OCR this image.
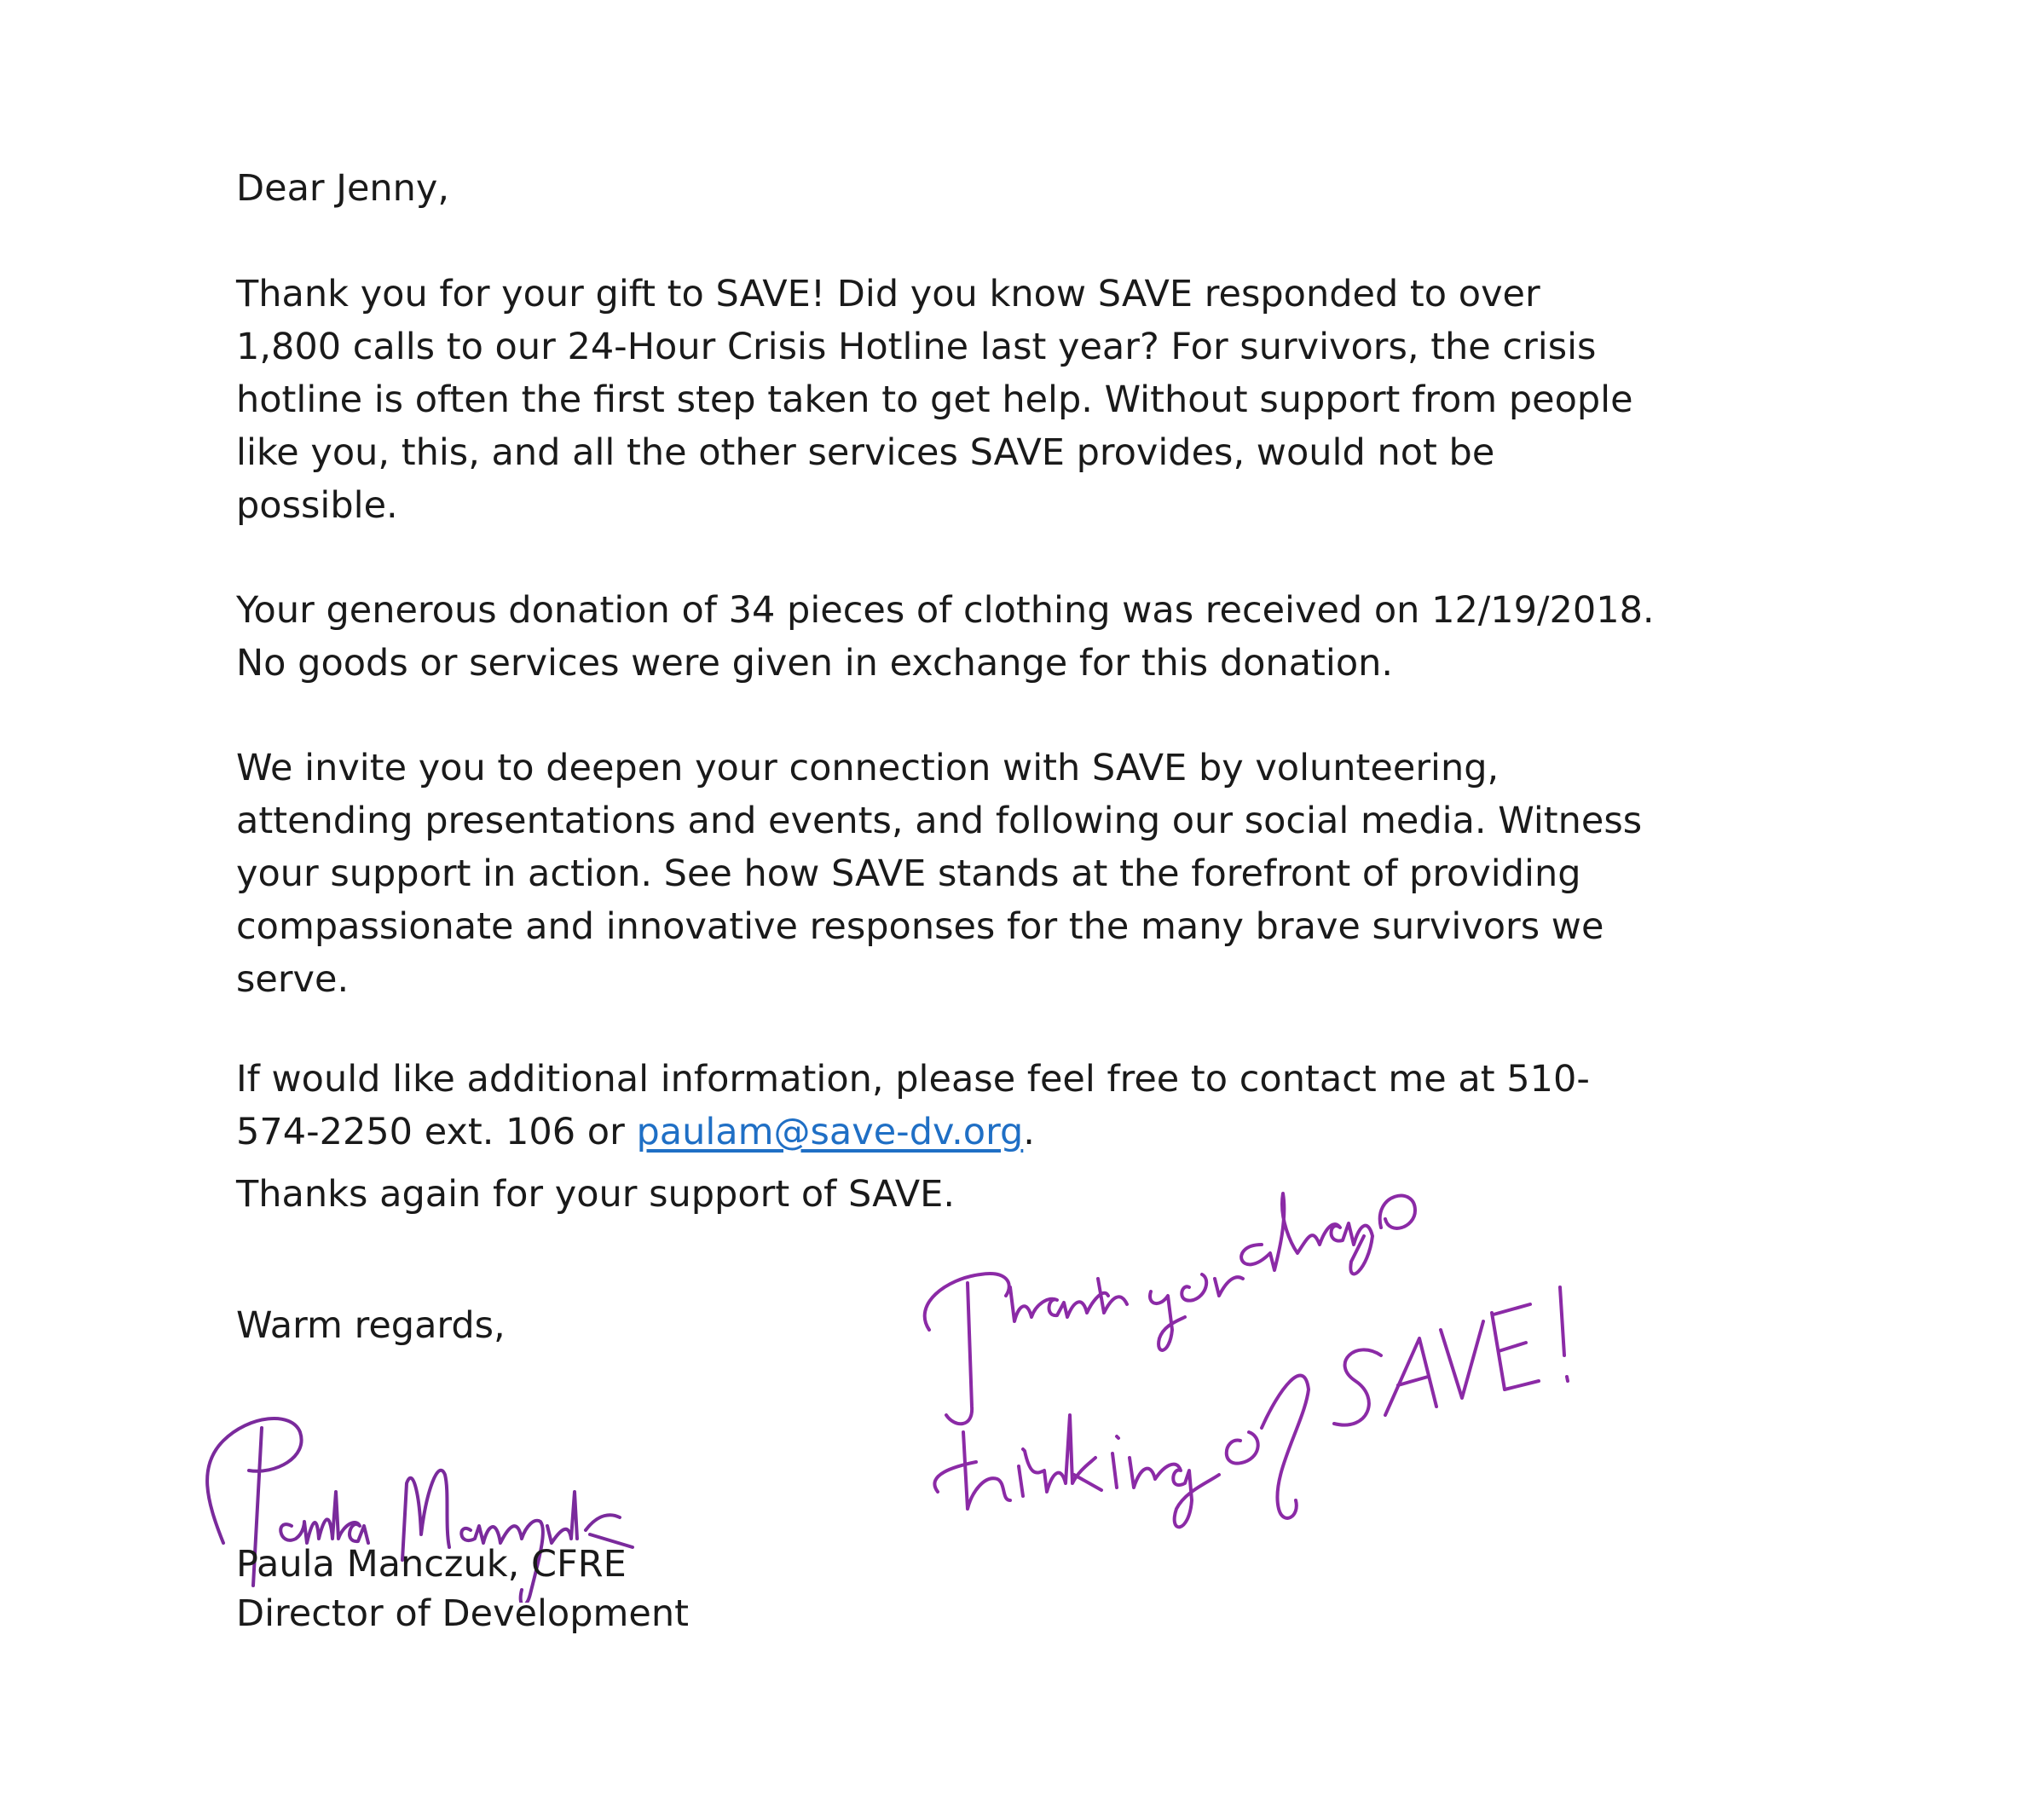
Dear Jenny,

Thank you for your gift to SAVE! Did you know SAVE responded to over
1,800 calls to our 24-Hour Crisis Hotline last year? For survivors, the crisis
hotline is often the first step taken to get help. Without support from people
like you, this, and all the other services SAVE provides, would not be
possible.

Your generous donation of 34 pieces of clothing was received on 12/19/2018.
No goods or services were given in exchange for this donation.

We invite you to deepen your connection with SAVE by volunteering,
attending presentations and events, and following our social media. Witness
your support in action. See how SAVE stands at the forefront of providing
compassionate and innovative responses for the many brave survivors we
serve.

If would like additional information, please feel free to contact me at 510-
574-2250 ext. 106 or paulam@save-dv.org.

Thanks again for your support of SAVE.

Warm regards,

Paula Manczuk, CFRE
Director of Development
